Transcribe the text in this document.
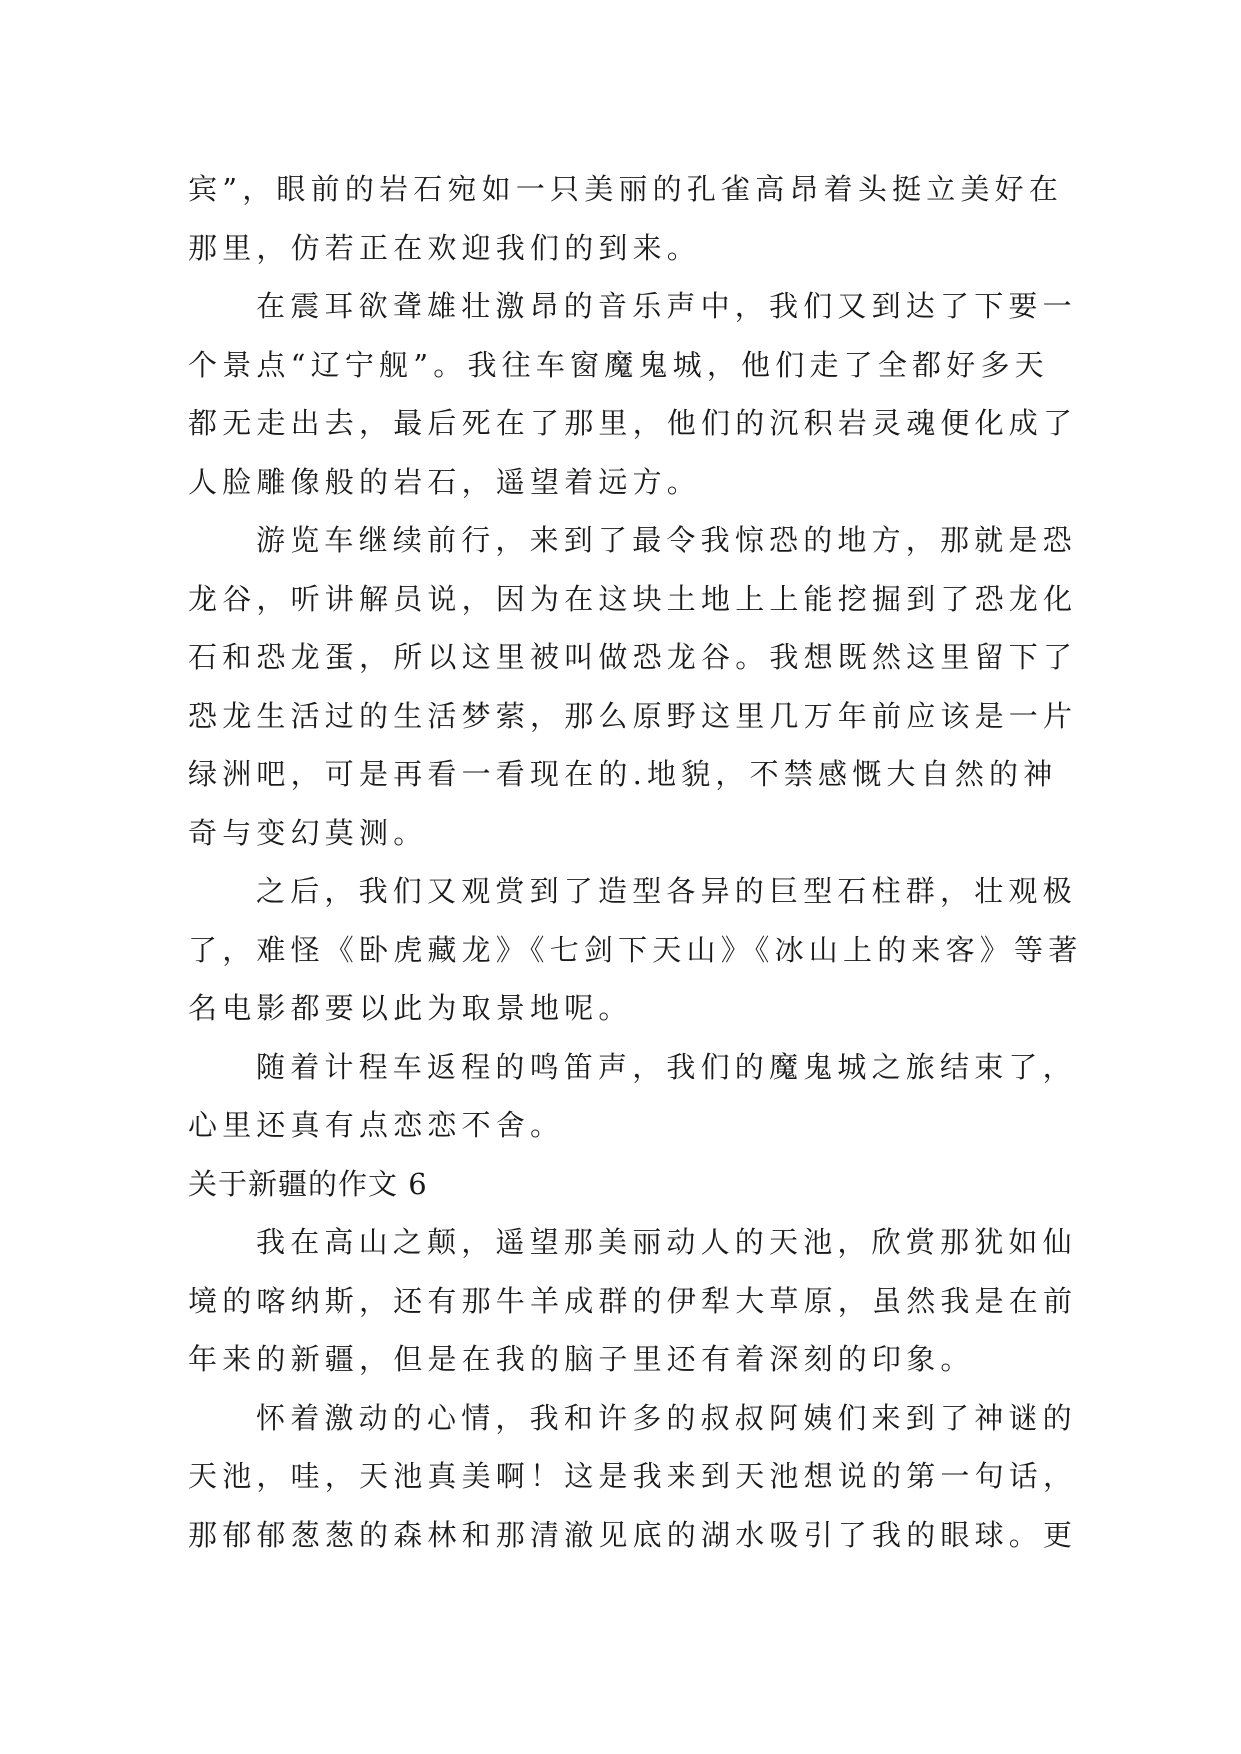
宾”，眼前的岩石宛如一只美丽的孔雀高昂着头挺立美好在
那里，仿若正在欢迎我们的到来。
在震耳欲聋雄壮激昂的音乐声中，我们又到达了下要一
个景点“辽宁舰”。我往车窗魔鬼城，他们走了全都好多天
都无走出去，最后死在了那里，他们的沉积岩灵魂便化成了
人脸雕像般的岩石，遥望着远方。
游览车继续前行，来到了最令我惊恐的地方，那就是恐
龙谷，听讲解员说，因为在这块土地上上能挖掘到了恐龙化
石和恐龙蛋，所以这里被叫做恐龙谷。我想既然这里留下了
恐龙生活过的生活梦萦，那么原野这里几万年前应该是一片
绿洲吧，可是再看一看现在的.地貌，不禁感慨大自然的神
奇与变幻莫测。
之后，我们又观赏到了造型各异的巨型石柱群，壮观极
了，难怪《卧虎藏龙》《七剑下天山》《冰山上的来客》等著
名电影都要以此为取景地呢。
随着计程车返程的鸣笛声，我们的魔鬼城之旅结束了，
心里还真有点恋恋不舍。
关于新疆的作文 6
我在高山之颠，遥望那美丽动人的天池，欣赏那犹如仙
境的喀纳斯，还有那牛羊成群的伊犁大草原，虽然我是在前
年来的新疆，但是在我的脑子里还有着深刻的印象。
怀着激动的心情，我和许多的叔叔阿姨们来到了神谜的
天池，哇，天池真美啊！这是我来到天池想说的第一句话，
那郁郁葱葱的森林和那清澈见底的湖水吸引了我的眼球。更
